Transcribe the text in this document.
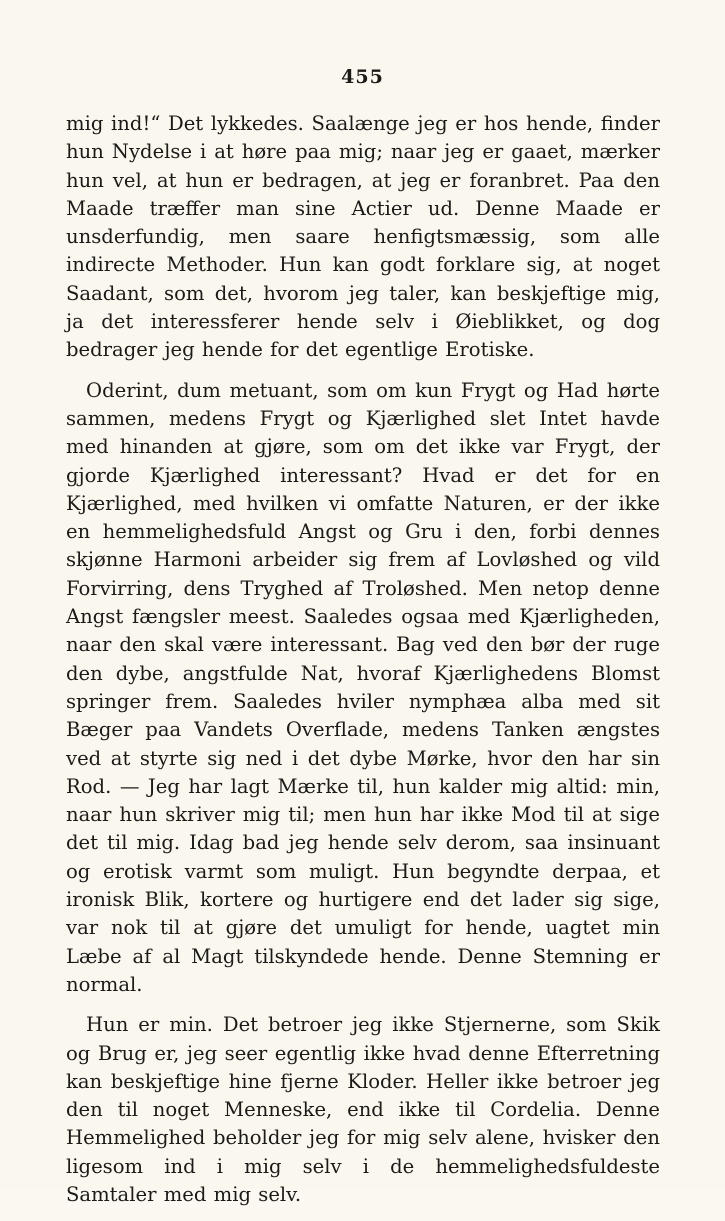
455

mig ind!“ Det lykkedes. Saalænge jeg er hos hende, finder hun Nydelse i at høre paa mig; naar jeg er gaaet, mærker hun vel, at hun er bedragen, at jeg er foranbret. Paa den Maade træffer man sine Actier ud. Denne Maade er unsderfundig, men saare henfigtsmæssig, som alle indirecte Methoder. Hun kan godt forklare sig, at noget Saadant, som det, hvorom jeg taler, kan beskjeftige mig, ja det interessferer hende selv i Øieblikket, og dog bedrager jeg hende for det egentlige Erotiske.

Oderint, dum metuant, som om kun Frygt og Had hørte sammen, medens Frygt og Kjærlighed slet Intet havde med hinanden at gjøre, som om det ikke var Frygt, der gjorde Kjærlighed interessant? Hvad er det for en Kjærlighed, med hvilken vi omfatte Naturen, er der ikke en hemmelighedsfuld Angst og Gru i den, forbi dennes skjønne Harmoni arbeider sig frem af Lovløshed og vild Forvirring, dens Tryghed af Troløshed. Men netop denne Angst fængsler meest. Saaledes ogsaa med Kjærligheden, naar den skal være interessant. Bag ved den bør der ruge den dybe, angstfulde Nat, hvoraf Kjærlighedens Blomst springer frem. Saaledes hviler nymphæa alba med sit Bæger paa Vandets Overflade, medens Tanken ængstes ved at styrte sig ned i det dybe Mørke, hvor den har sin Rod. — Jeg har lagt Mærke til, hun kalder mig altid: min, naar hun skriver mig til; men hun har ikke Mod til at sige det til mig. Idag bad jeg hende selv derom, saa insinuant og erotisk varmt som muligt. Hun begyndte derpaa, et ironisk Blik, kortere og hurtigere end det lader sig sige, var nok til at gjøre det umuligt for hende, uagtet min Læbe af al Magt tilskyndede hende. Denne Stemning er normal.

Hun er min. Det betroer jeg ikke Stjernerne, som Skik og Brug er, jeg seer egentlig ikke hvad denne Efterretning kan beskjeftige hine fjerne Kloder. Heller ikke betroer jeg den til noget Menneske, end ikke til Cordelia. Denne Hemmelighed beholder jeg for mig selv alene, hvisker den ligesom ind i mig selv i de hemmelighedsfuldeste Samtaler med mig selv.
